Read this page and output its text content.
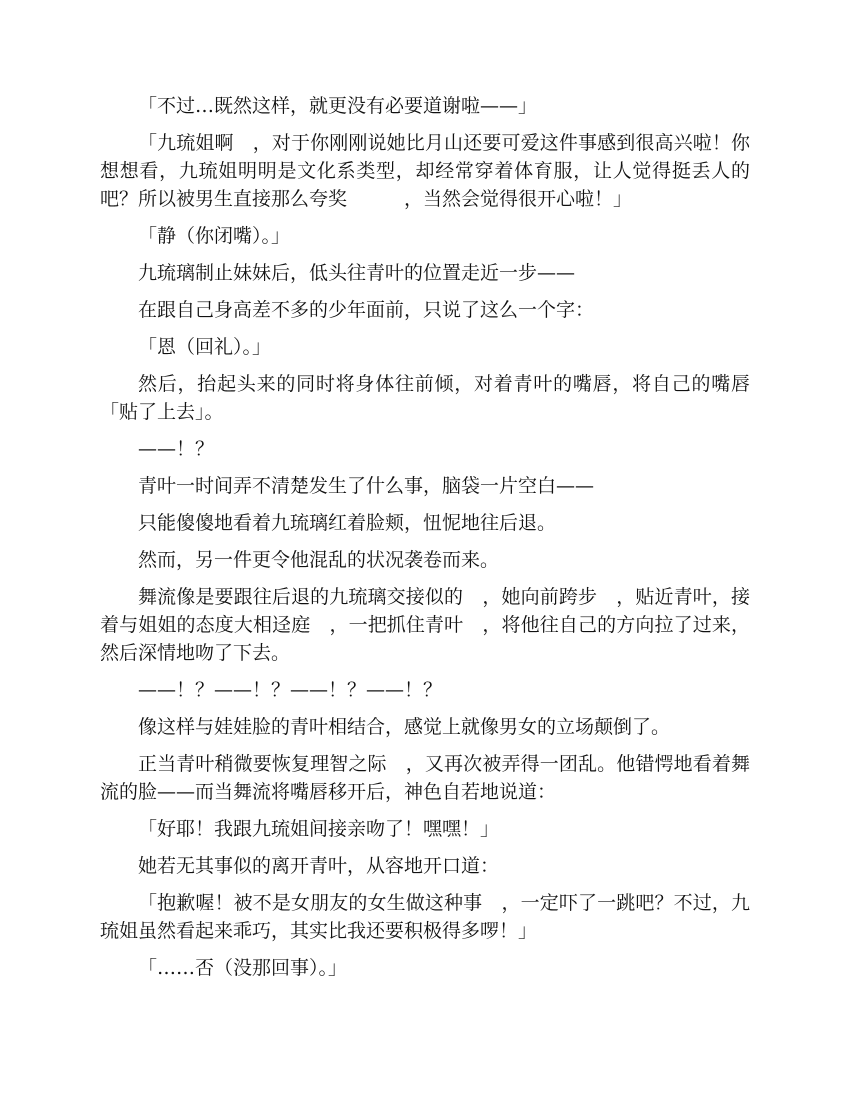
「不过…既然这样，就更没有必要道谢啦——」

「九琉姐啊　，对于你刚刚说她比月山还要可爱这件事感到很高兴啦！你想想看，九琉姐明明是文化系类型，却经常穿着体育服，让人觉得挺丢人的吧？所以被男生直接那么夸奖　　　，当然会觉得很开心啦！」

「静（你闭嘴）。」

九琉璃制止妹妹后，低头往青叶的位置走近一步——

在跟自己身高差不多的少年面前，只说了这么一个字：

「恩（回礼）。」

然后，抬起头来的同时将身体往前倾，对着青叶的嘴唇，将自己的嘴唇「贴了上去」。

——！？

青叶一时间弄不清楚发生了什么事，脑袋一片空白——

只能傻傻地看着九琉璃红着脸颊，忸怩地往后退。

然而，另一件更令他混乱的状况袭卷而来。

舞流像是要跟往后退的九琉璃交接似的　，她向前跨步　，贴近青叶，接着与姐姐的态度大相迳庭　，一把抓住青叶　，将他往自己的方向拉了过来，然后深情地吻了下去。

——！？——！？——！？——！？

像这样与娃娃脸的青叶相结合，感觉上就像男女的立场颠倒了。

正当青叶稍微要恢复理智之际　，又再次被弄得一团乱。他错愕地看着舞流的脸——而当舞流将嘴唇移开后，神色自若地说道：

「好耶！我跟九琉姐间接亲吻了！嘿嘿！」

她若无其事似的离开青叶，从容地开口道：

「抱歉喔！被不是女朋友的女生做这种事　，一定吓了一跳吧？不过，九琉姐虽然看起来乖巧，其实比我还要积极得多啰！」

「……否（没那回事）。」
